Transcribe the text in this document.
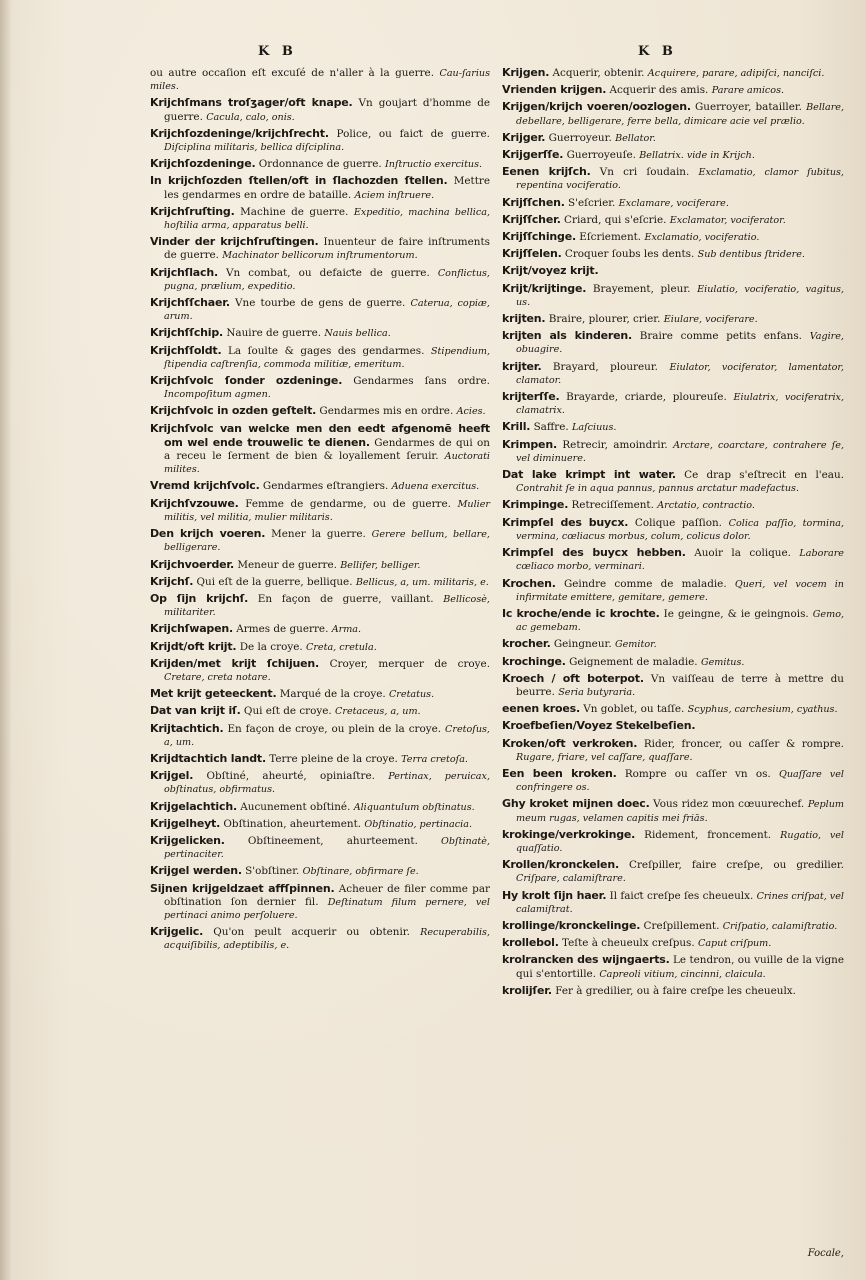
K B	K B
ou autre occaſion eſt excuſé de n'aller à la guerre. Cau-ſarius miles.
Krijchſmans troſʒager/oft knape. Vn goujart d'homme de guerre. Cacula, calo, onis.
Krijchſozdeninge/krijchſrecht. Police, ou faiƈt de guerre. Diſciplina militaris, bellica diſciplina.
Krijchſozdeninge. Ordonnance de guerre. Inſtructio exercitus.
In krijchſozden ſtellen/oft in ſlachozden ſtellen. Mettre les gendarmes en ordre de bataille. Aciem inſtruere.
Krijchſruſting. Machine de guerre. Expeditio, machina bellica, hoſtilia arma, apparatus belli.
Vinder der krijchſruſtingen. Inuenteur de faire inſtruments de guerre. Machinator bellicorum inſtrumentorum.
Krijchſlach. Vn combat, ou defaiƈte de guerre. Conflictus, pugna, prælium, expeditio.
Krijchſſchaer. Vne tourbe de gens de guerre. Caterua, copiæ, arum.
Krijchſſchip. Nauire de guerre. Nauis bellica.
Krijchſſoldt. La ſoulte & gages des gendarmes. Stipendium, ſtipendia caſtrenſia, commoda militiæ, emeritum.
Krijchſvolc ſonder ozdeninge. Gendarmes ſans ordre. Incompoſitum agmen.
Krijchſvolc in ozden geſtelt. Gendarmes mis en ordre. Acies.
Krijchſvolc van welcke men den eedt afgenomē heeft om wel ende trouwelic te dienen. Gendarmes de qui on a receu le ſerment de bien & loyallement ſeruir. Auctorati milites.
Vremd krijchſvolc. Gendarmes eſtrangiers. Aduena exercitus.
Krijchſvzouwe. Femme de gendarme, ou de guerre. Mulier militis, vel militia, mulier militaris.
Den krijch voeren. Mener la guerre. Gerere bellum, bellare, belligerare.
Krijchvoerder. Meneur de guerre. Bellifer, belliger.
Krijchſ. Qui eſt de la guerre, bellique. Bellicus, a, um. militaris, e.
Op ſijn krijchſ. En façon de guerre, vaillant. Bellicosè, militariter.
Krijchſwapen. Armes de guerre. Arma.
Krijdt/oft krijt. De la croye. Creta, cretula.
Krijden/met krijt ſchijuen. Croyer, merquer de croye. Cretare, creta notare.
Met krijt geteeckent. Marqué de la croye. Cretatus.
Dat van krijt iſ. Qui eſt de croye. Cretaceus, a, um.
Krijtachtich. En façon de croye, ou plein de la croye. Cretoſus, a, um.
Krijdtachtich landt. Terre pleine de la croye. Terra cretoſa.
Krijgel. Obſtiné, aheurté, opiniaſtre. Pertinax, peruicax, obſtinatus, obfirmatus.
Krijgelachtich. Aucunement obſtiné. Aliquantulum obſtinatus.
Krijgelheyt. Obſtination, aheurtement. Obſtinatio, pertinacia.
Krijgelicken. Obſtineement, ahurteement. Obſtinatè, pertinaciter.
Krijgel werden. S'obſtiner. Obſtinare, obfirmare ſe.
Sijnen krijgeldzaet affſpinnen. Acheuer de filer comme par obſtination ſon dernier fil. Deſtinatum filum pernere, vel pertinaci animo perſoluere.
Krijgelic. Qu'on peult acquerir ou obtenir. Recuperabilis, acquiſibilis, adeptibilis, e.
Krijgen. Acquerir, obtenir. Acquirere, parare, adipiſci, nanciſci.
Vrienden krijgen. Acquerir des amis. Parare amicos.
Krijgen/krijch voeren/oozlogen. Guerroyer, batailler. Bellare, debellare, belligerare, ferre bella, dimicare acie vel prælio.
Krijger. Guerroyeur. Bellator.
Krijgerſſe. Guerroyeuſe. Bellatrix. vide in Krijch.
Eenen krijſch. Vn cri ſoudain. Exclamatio, clamor ſubitus, repentina vociferatio.
Krijſſchen. S'eſcrier. Exclamare, vociferare.
Krijſſcher. Criard, qui s'eſcrie. Exclamator, vociferator.
Krijſſchinge. Eſcriement. Exclamatio, vociferatio.
Krijſſelen. Croquer ſoubs les dents. Sub dentibus ſtridere.
Krijt/voyez krijt.
Krijt/krijtinge. Brayement, pleur. Eiulatio, vociferatio, vagitus, us.
krijten. Braire, plourer, crier. Eiulare, vociferare.
krijten als kinderen. Braire comme petits enfans. Vagire, obuagire.
krijter. Brayard, ploureur. Eiulator, vociferator, lamentator, clamator.
krijterſſe. Brayarde, criarde, ploureuſe. Eiulatrix, vociferatrix, clamatrix.
Krill. Saffre. Laſciuus.
Krimpen. Retrecir, amoindrir. Arctare, coarctare, contrahere ſe, vel diminuere.
Dat lake krimpt int water. Ce drap s'eſtrecit en l'eau. Contrahit ſe in aqua pannus, pannus arctatur madefactus.
Krimpinge. Retreciſſement. Arctatio, contractio.
Krimpſel des buycx. Colique paſſion. Colica paſſio, tormina, vermina, cœliacus morbus, colum, colicus dolor.
Krimpſel des buycx hebben. Auoir la colique. Laborare cœliaco morbo, verminari.
Krochen. Geindre comme de maladie. Queri, vel vocem in infirmitate emittere, gemitare, gemere.
Ic kroche/ende ic krochte. Ie geingne, & ie geingnois. Gemo, ac gemebam.
krocher. Geingneur. Gemitor.
krochinge. Geignement de maladie. Gemitus.
Kroech / oft boterpot. Vn vaiſſeau de terre à mettre du beurre. Seria butyraria.
eenen kroes. Vn goblet, ou taſſe. Scyphus, carchesium, cyathus.
Kroefbeſien/Voyez Stekelbeſien.
Kroken/oft verkroken. Rider, froncer, ou caſſer & rompre. Rugare, friare, vel caſſare, quaſſare.
Een been kroken. Rompre ou caſſer vn os. Quaſſare vel confringere os.
Ghy kroket mijnen doec. Vous ridez mon cœuurechef. Peplum meum rugas, velamen capitis mei friās.
krokinge/verkrokinge. Ridement, froncement. Rugatio, vel quaſſatio.
Krollen/kronckelen. Creſpiller, faire creſpe, ou gredilier. Criſpare, calamiſtrare.
Hy krolt ſijn haer. Il faiƈt creſpe ſes cheueulx. Crines criſpat, vel calamiſtrat.
krollinge/kronckelinge. Creſpillement. Criſpatio, calamiſtratio.
krollebol. Teſte à cheueulx creſpus. Caput criſpum.
krolrancken des wijngaerts. Le tendron, ou vuille de la vigne qui s'entortille. Capreoli vitium, cincinni, claicula.
krolijſer. Fer à gredilier, ou à faire creſpe les cheueulx.
Focale,
